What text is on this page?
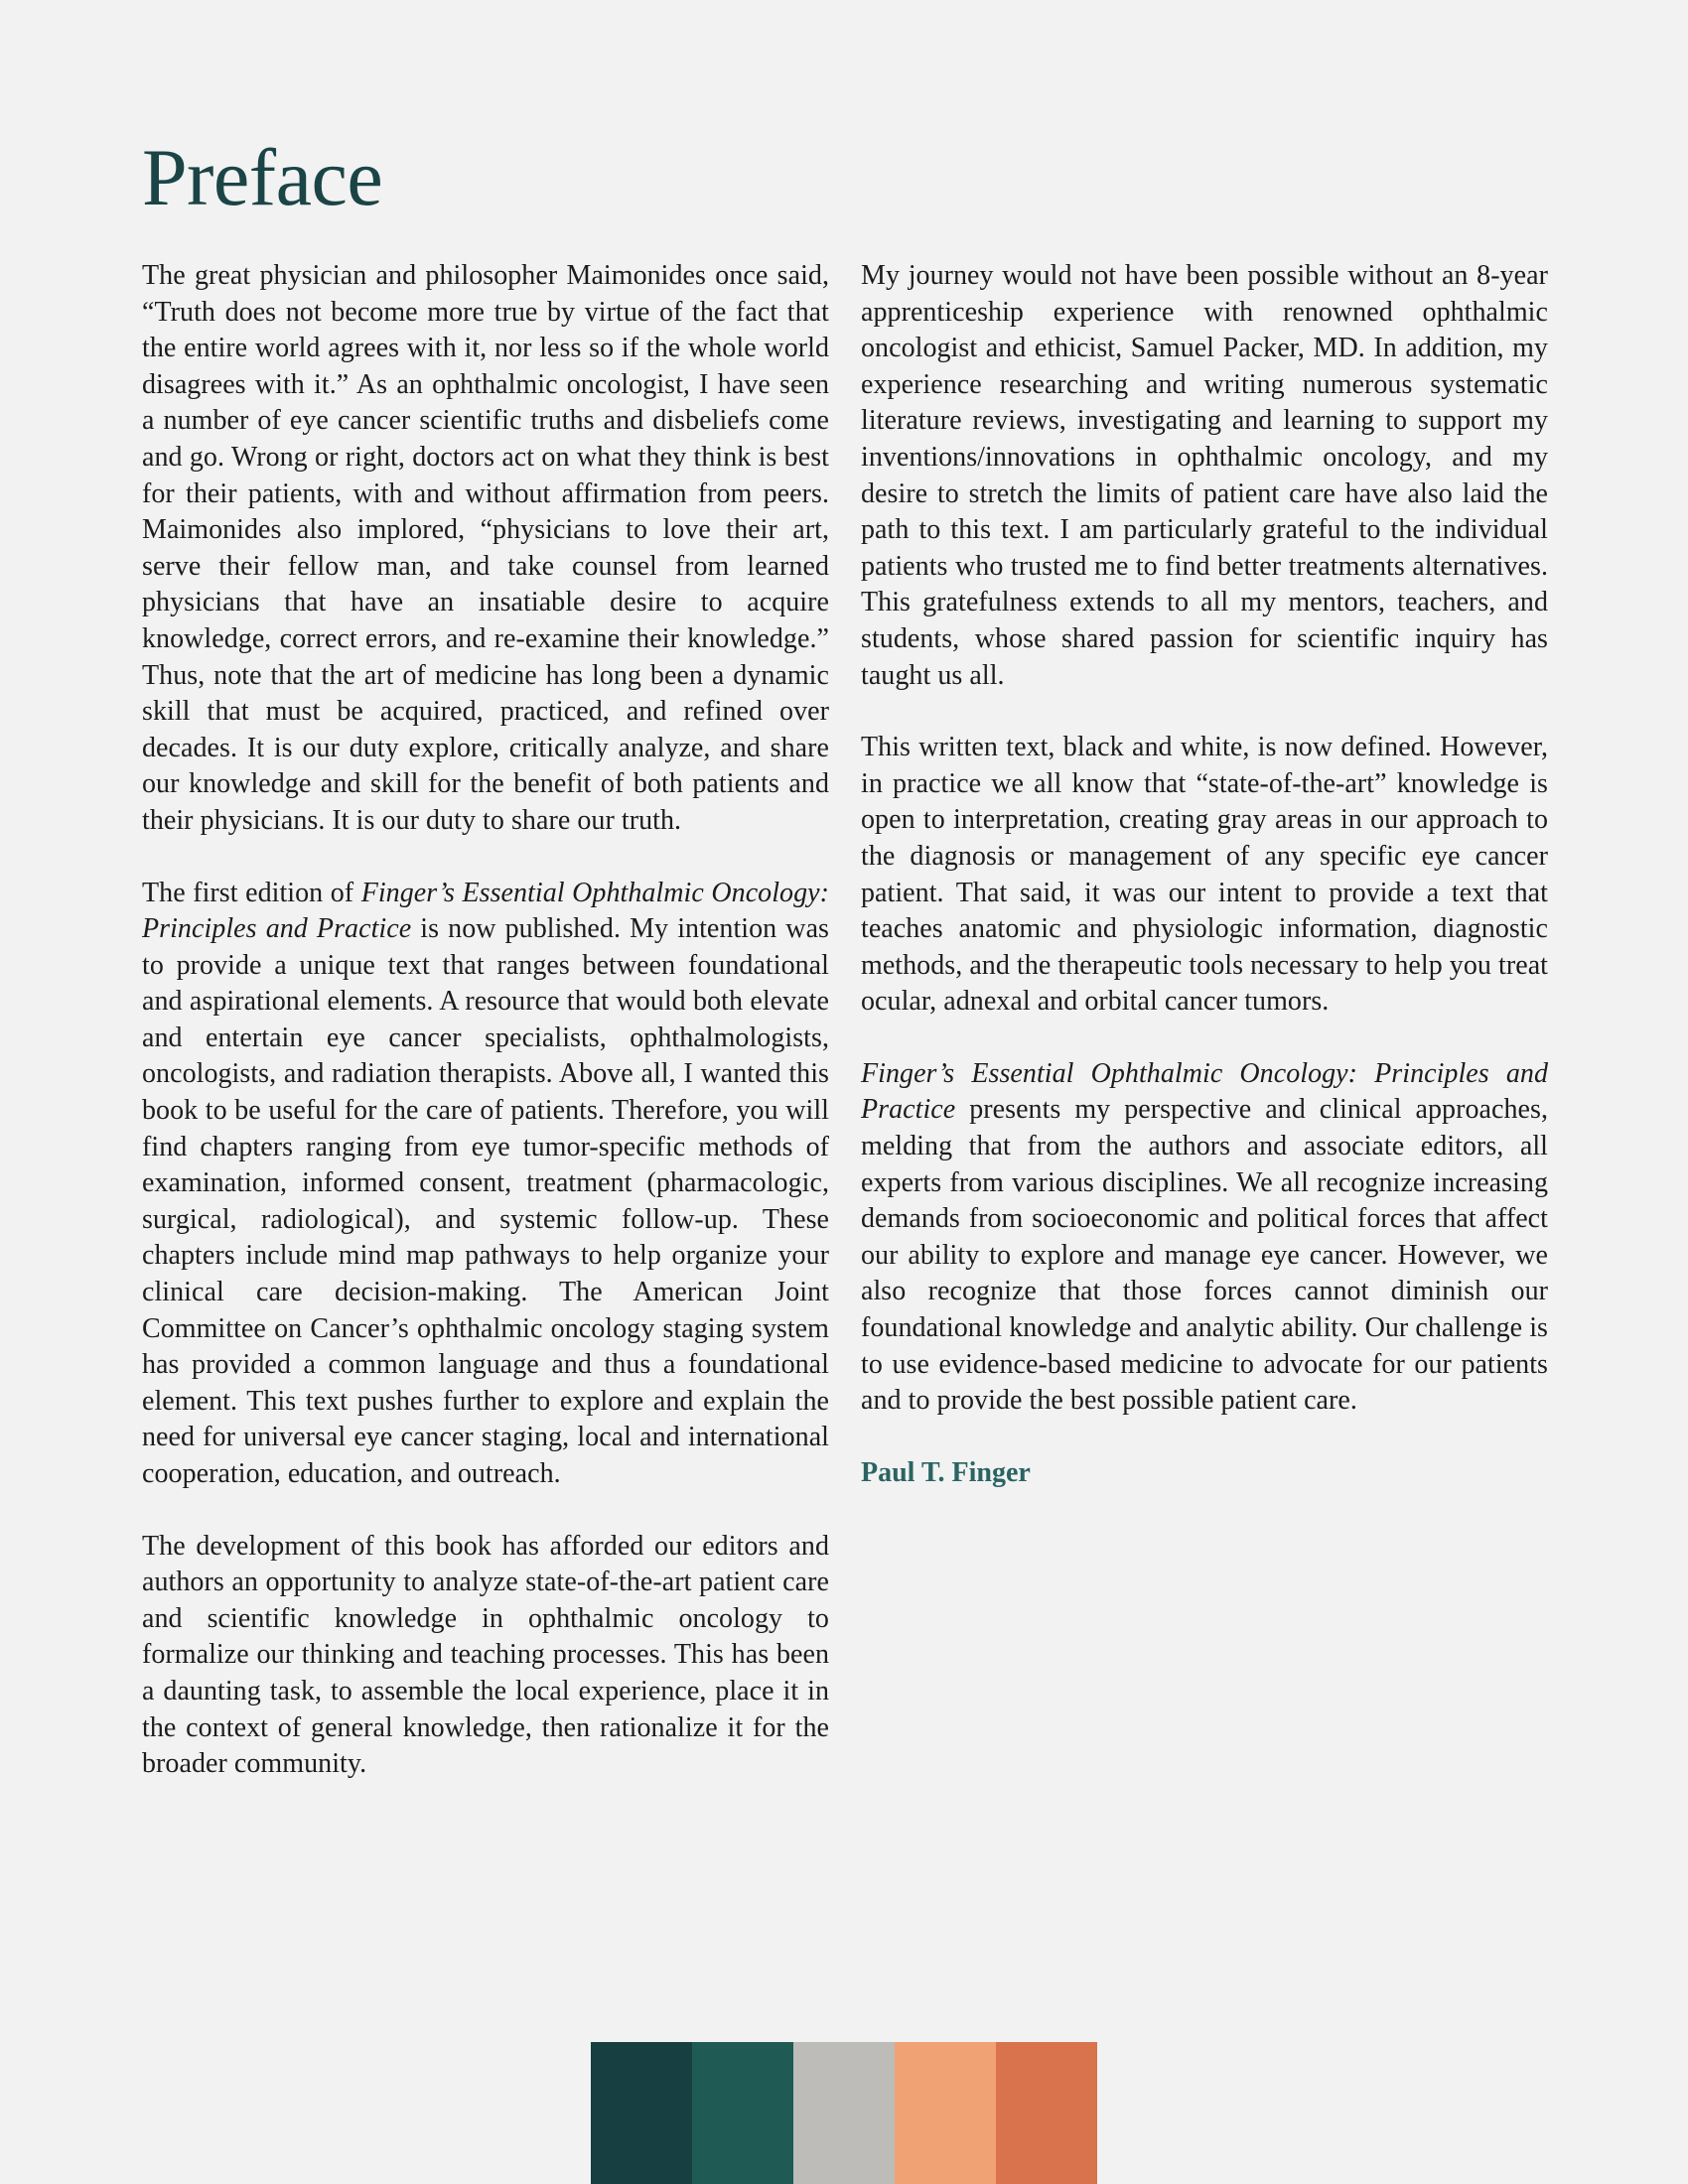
Preface

The great physician and philosopher Maimonides once said, “Truth does not become more true by virtue of the fact that the entire world agrees with it, nor less so if the whole world disagrees with it.” As an ophthalmic oncologist, I have seen a number of eye cancer scientific truths and disbeliefs come and go. Wrong or right, doctors act on what they think is best for their patients, with and without affirmation from peers. Maimonides also implored, “physicians to love their art, serve their fellow man, and take counsel from learned physicians that have an insatiable desire to acquire knowledge, correct errors, and re-examine their knowledge.” Thus, note that the art of medicine has long been a dynamic skill that must be acquired, practiced, and refined over decades. It is our duty explore, critically analyze, and share our knowledge and skill for the benefit of both patients and their physicians. It is our duty to share our truth.

The first edition of Finger’s Essential Ophthalmic Oncology: Principles and Practice is now published. My intention was to provide a unique text that ranges between foundational and aspirational elements. A resource that would both elevate and entertain eye cancer specialists, ophthalmologists, oncologists, and radiation therapists. Above all, I wanted this book to be useful for the care of patients. Therefore, you will find chapters ranging from eye tumor-specific methods of examination, informed consent, treatment (pharmacologic, surgical, radiological), and systemic follow-up. These chapters include mind map pathways to help organize your clinical care decision-making. The American Joint Committee on Cancer’s ophthalmic oncology staging system has provided a common language and thus a foundational element. This text pushes further to explore and explain the need for universal eye cancer staging, local and international cooperation, education, and outreach.

The development of this book has afforded our editors and authors an opportunity to analyze state-of-the-art patient care and scientific knowledge in ophthalmic oncology to formalize our thinking and teaching processes. This has been a daunting task, to assemble the local experience, place it in the context of general knowledge, then rationalize it for the broader community.

My journey would not have been possible without an 8-year apprenticeship experience with renowned ophthalmic oncologist and ethicist, Samuel Packer, MD. In addition, my experience researching and writing numerous systematic literature reviews, investigating and learning to support my inventions/innovations in ophthalmic oncology, and my desire to stretch the limits of patient care have also laid the path to this text. I am particularly grateful to the individual patients who trusted me to find better treatments alternatives. This gratefulness extends to all my mentors, teachers, and students, whose shared passion for scientific inquiry has taught us all.

This written text, black and white, is now defined. However, in practice we all know that “state-of-the-art” knowledge is open to interpretation, creating gray areas in our approach to the diagnosis or management of any specific eye cancer patient. That said, it was our intent to provide a text that teaches anatomic and physiologic information, diagnostic methods, and the therapeutic tools necessary to help you treat ocular, adnexal and orbital cancer tumors.

Finger’s Essential Ophthalmic Oncology: Principles and Practice presents my perspective and clinical approaches, melding that from the authors and associate editors, all experts from various disciplines. We all recognize increasing demands from socioeconomic and political forces that affect our ability to explore and manage eye cancer. However, we also recognize that those forces cannot diminish our foundational knowledge and analytic ability. Our challenge is to use evidence-based medicine to advocate for our patients and to provide the best possible patient care.

Paul T. Finger
